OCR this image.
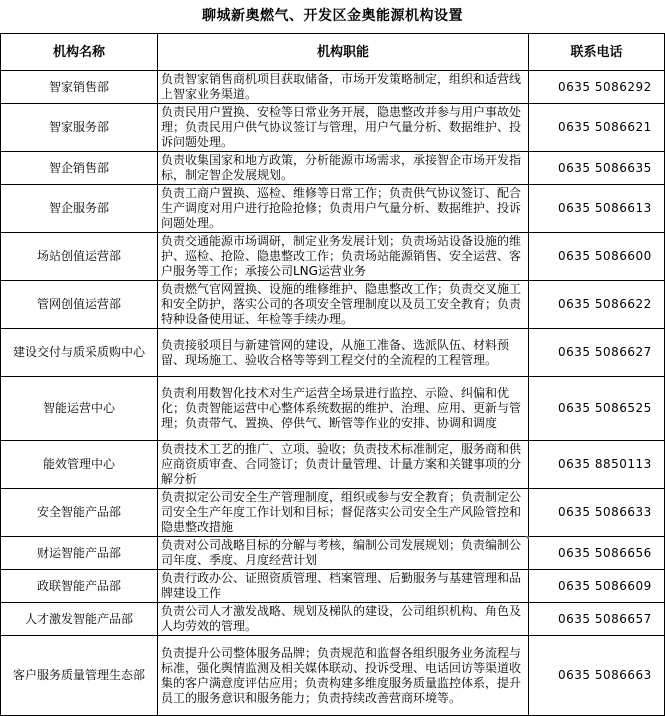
聊城新奥燃气、开发区金奥能源机构设置
机构名称	机构职能	联系电话
智家销售部	负责智家销售商机项目获取储备，市场开发策略制定，组织和适营线上智家业务渠道。	0635 5086292
智家服务部	负责民用户置换、安检等日常业务开展，隐患整改并参与用户事故处理；负责民用户供气协议签订与管理，用户气量分析、数据维护、投诉问题处理。	0635 5086621
智企销售部	负责收集国家和地方政策，分析能源市场需求，承接智企市场开发指标，制定智企发展规划。	0635 5086635
智企服务部	负责工商户置换、巡检、维修等日常工作；负责供气协议签订、配合生产调度对用户进行抢险抢修；负责用户气量分析、数据维护、投诉问题处理。	0635 5086613
场站创值运营部	负责交通能源市场调研，制定业务发展计划；负责场站设备设施的维护、巡检、抢险、隐患整改工作；负责场站能源销售、安全运营、客户服务等工作；承接公司LNG运营业务	0635 5086600
管网创值运营部	负责燃气官网置换、设施的维修维护、隐患整改工作；负责交叉施工和安全防护，落实公司的各项安全管理制度以及员工安全教育；负责特种设备使用证、年检等手续办理。	0635 5086622
建设交付与质采质购中心	负责接驳项目与新建管网的建设，从施工准备、选派队伍、材料预留、现场施工、验收合格等等到工程交付的全流程的工程管理。	0635 5086627
智能运营中心	负责利用数智化技术对生产运营全场景进行监控、示险、纠偏和优化；负责智能运营中心整体系统数据的维护、治理、应用、更新与管理；负责带气、置换、停供气、断管等作业的安排、协调和调度	0635 5086525
能效管理中心	负责技术工艺的推广、立项、验收；负责技术标准制定，服务商和供应商资质审查、合同签订；负责计量管理、计量方案和关键事项的分解分析	0635 8850113
安全智能产品部	负责拟定公司安全生产管理制度，组织或参与安全教育；负责制定公司安全生产年度工作计划和目标；督促落实公司安全生产风险管控和隐患整改措施	0635 5086633
财运智能产品部	负责对公司战略目标的分解与考核，编制公司发展规划；负责编制公司年度、季度、月度经营计划	0635 5086656
政联智能产品部	负责行政办公、证照资质管理、档案管理、后勤服务与基建管理和品牌建设工作	0635 5086609
人才激发智能产品部	负责公司人才激发战略、规划及梯队的建设，公司组织机构、角色及人均劳效的管理。	0635 5086657
客户服务质量管理生态部	负责提升公司整体服务品牌；负责规范和监督各组织服务业务流程与标准，强化舆情监测及相关媒体联动、投诉受理、电话回访等渠道收集的客户满意度评估应用；负责构建多维度服务质量监控体系，提升员工的服务意识和服务能力；负责持续改善营商环境等。	0635 5086663
